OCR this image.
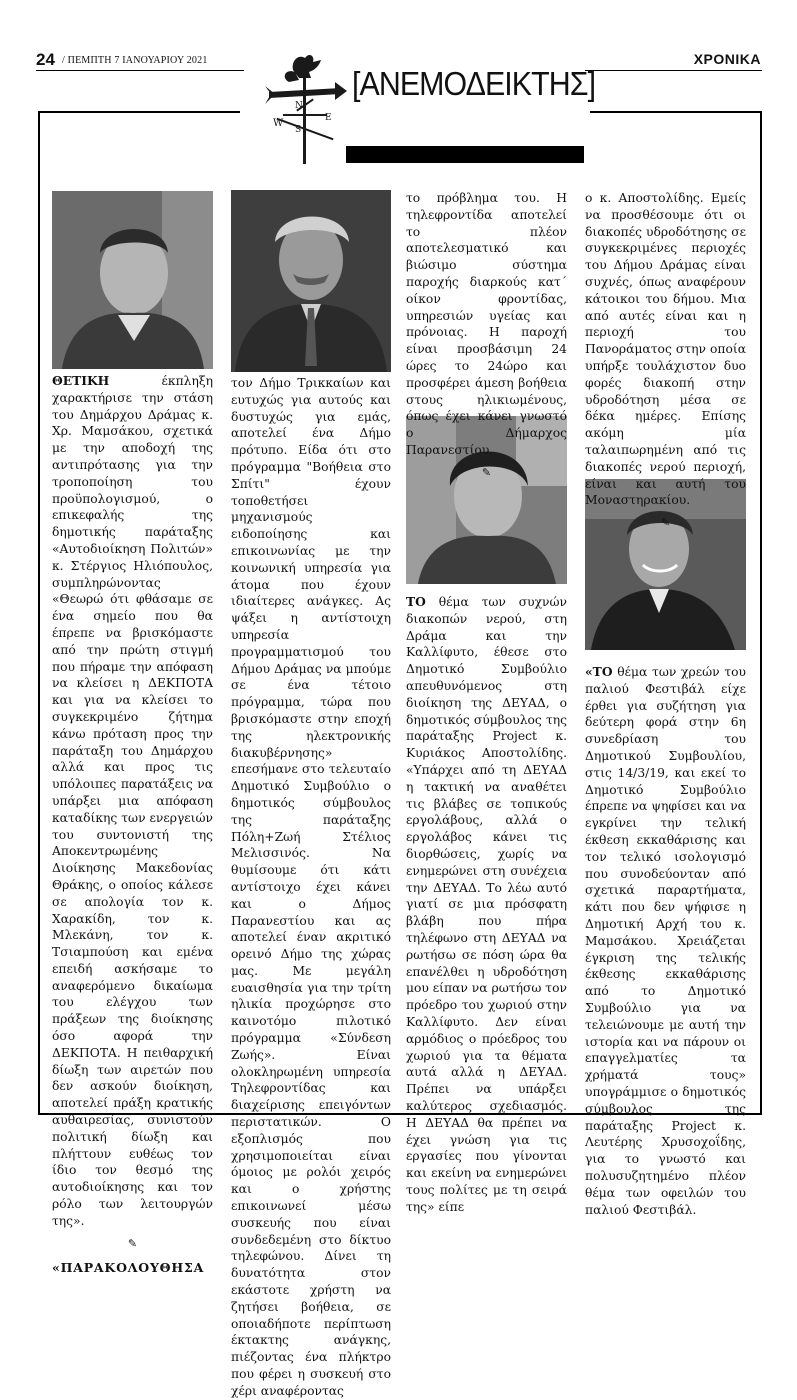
24 / ΠΕΜΠΤΗ 7 ΙΑΝΟΥΑΡΙΟΥ 2021	ΧΡΟΝΙΚΑ
N
E
W
S
[ΑΝΕΜΟΔΕΙΚΤΗΣ]

ΘΕΤΙΚΗ έκπληξη χαρακτήρισε την στάση του Δημάρχου Δράμας κ. Χρ. Μαμσάκου, σχετικά με την αποδοχή της αντιπρότασης για την τροποποίηση του προϋπολογισμού, ο επικεφαλής της δημοτικής παράταξης «Αυτοδιοίκηση Πολιτών» κ. Στέργιος Ηλιόπουλος, συμπληρώνοντας «Θεωρώ ότι φθάσαμε σε ένα σημείο που θα έπρεπε να βρισκόμαστε από την πρώτη στιγμή που πήραμε την απόφαση να κλείσει η ΔΕΚΠΟΤΑ και για να κλείσει το συγκεκριμένο ζήτημα κάνω πρόταση προς την παράταξη του Δημάρχου αλλά και προς τις υπόλοιπες παρατάξεις να υπάρξει μια απόφαση καταδίκης των ενεργειών του συντονιστή της Αποκεντρωμένης Διοίκησης Μακεδονίας Θράκης, ο οποίος κάλεσε σε απολογία τον κ. Χαρακίδη, τον κ. Μλεκάνη, τον κ. Τσιαμπούση και εμένα επειδή ασκήσαμε το αναφερόμενο δικαίωμα του ελέγχου των πράξεων της διοίκησης όσο αφορά την ΔΕΚΠΟΤΑ. Η πειθαρχική δίωξη των αιρετών που δεν ασκούν διοίκηση, αποτελεί πράξη κρατικής αυθαιρεσίας, συνιστούν πολιτική δίωξη και πλήττουν ευθέως τον ίδιο τον θεσμό της αυτοδιοίκησης και τον ρόλο των λειτουργών της».

✎

«ΠΑΡΑΚΟΛΟΥΘΗΣΑ

τον Δήμο Τρικκαίων και ευτυχώς για αυτούς και δυστυχώς για εμάς, αποτελεί ένα Δήμο πρότυπο. Είδα ότι στο πρόγραμμα "Βοήθεια στο Σπίτι" έχουν τοποθετήσει μηχανισμούς ειδοποίησης και επικοινωνίας με την κοινωνική υπηρεσία για άτομα που έχουν ιδιαίτερες ανάγκες. Ας ψάξει η αντίστοιχη υπηρεσία προγραμματισμού του Δήμου Δράμας να μπούμε σε ένα τέτοιο πρόγραμμα, τώρα που βρισκόμαστε στην εποχή της ηλεκτρονικής διακυβέρνησης» επεσήμανε στο τελευταίο Δημοτικό Συμβούλιο ο δημοτικός σύμβουλος της παράταξης Πόλη+Ζωή Στέλιος Μελισσινός. Να θυμίσουμε ότι κάτι αντίστοιχο έχει κάνει και ο Δήμος Παρανεστίου και ας αποτελεί έναν ακριτικό ορεινό Δήμο της χώρας μας. Με μεγάλη ευαισθησία για την τρίτη ηλικία προχώρησε στο καινοτόμο πιλοτικό πρόγραμμα «Σύνδεση Ζωής». Είναι ολοκληρωμένη υπηρεσία Τηλεφροντίδας και διαχείρισης επειγόντων περιστατικών. Ο εξοπλισμός που χρησιμοποιείται είναι όμοιος με ρολόι χειρός και ο χρήστης επικοινωνεί μέσω συσκευής που είναι συνδεδεμένη στο δίκτυο τηλεφώνου. Δίνει τη δυνατότητα στον εκάστοτε χρήστη να ζητήσει βοήθεια, σε οποιαδήποτε περίπτωση έκτακτης ανάγκης, πιέζοντας ένα πλήκτρο που φέρει η συσκευή στο χέρι αναφέροντας

το πρόβλημα του. Η τηλεφροντίδα αποτελεί το πλέον αποτελεσματικό και βιώσιμο σύστημα παροχής διαρκούς κατ΄ οίκον φροντίδας, υπηρεσιών υγείας και πρόνοιας. Η παροχή είναι προσβάσιμη 24 ώρες το 24ώρο και προσφέρει άμεση βοήθεια στους ηλικιωμένους, όπως έχει κάνει γνωστό ο Δήμαρχος Παρανεστίου.

✎

ΤΟ θέμα των συχνών διακοπών νερού, στη Δράμα και την Καλλίφυτο, έθεσε στο Δημοτικό Συμβούλιο απευθυνόμενος στη διοίκηση της ΔΕΥΑΔ, ο δημοτικός σύμβουλος της παράταξης Project κ. Κυριάκος Αποστολίδης. «Υπάρχει από τη ΔΕΥΑΔ η τακτική να αναθέτει τις βλάβες σε τοπικούς εργολάβους, αλλά ο εργολάβος κάνει τις διορθώσεις, χωρίς να ενημερώνει στη συνέχεια την ΔΕΥΑΔ. Το λέω αυτό γιατί σε μια πρόσφατη βλάβη που πήρα τηλέφωνο στη ΔΕΥΑΔ να ρωτήσω σε πόση ώρα θα επανέλθει η υδροδότηση μου είπαν να ρωτήσω τον πρόεδρο του χωριού στην Καλλίφυτο. Δεν είναι αρμόδιος ο πρόεδρος του χωριού για τα θέματα αυτά αλλά η ΔΕΥΑΔ. Πρέπει να υπάρξει καλύτερος σχεδιασμός. Η ΔΕΥΑΔ θα πρέπει να έχει γνώση για τις εργασίες που γίνονται και εκείνη να ενημερώνει τους πολίτες με τη σειρά της» είπε

ο κ. Αποστολίδης. Εμείς να προσθέσουμε ότι οι διακοπές υδροδότησης σε συγκεκριμένες περιοχές του Δήμου Δράμας είναι συχνές, όπως αναφέρουν κάτοικοι του δήμου. Μια από αυτές είναι και η περιοχή του Πανοράματος στην οποία υπήρξε τουλάχιστον δυο φορές διακοπή στην υδροδότηση μέσα σε δέκα ημέρες. Επίσης ακόμη μία ταλαιπωρημένη από τις διακοπές νερού περιοχή, είναι και αυτή του Μοναστηρακίου.

✎

«ΤΟ θέμα των χρεών του παλιού Φεστιβάλ είχε έρθει για συζήτηση για δεύτερη φορά στην 6η συνεδρίαση του Δημοτικού Συμβουλίου, στις 14/3/19, και εκεί το Δημοτικό Συμβούλιο έπρεπε να ψηφίσει και να εγκρίνει την τελική έκθεση εκκαθάρισης και τον τελικό ισολογισμό που συνοδεύονταν από σχετικά παραρτήματα, κάτι που δεν ψήφισε η Δημοτική Αρχή του κ. Μαμσάκου. Χρειάζεται έγκριση της τελικής έκθεσης εκκαθάρισης από το Δημοτικό Συμβούλιο για να τελειώνουμε με αυτή την ιστορία και να πάρουν οι επαγγελματίες τα χρήματά τους» υπογράμμισε ο δημοτικός σύμβουλος της παράταξης Project κ. Λευτέρης Χρυσοχοΐδης, για το γνωστό και πολυσυζητημένο πλέον θέμα των οφειλών του παλιού Φεστιβάλ.
